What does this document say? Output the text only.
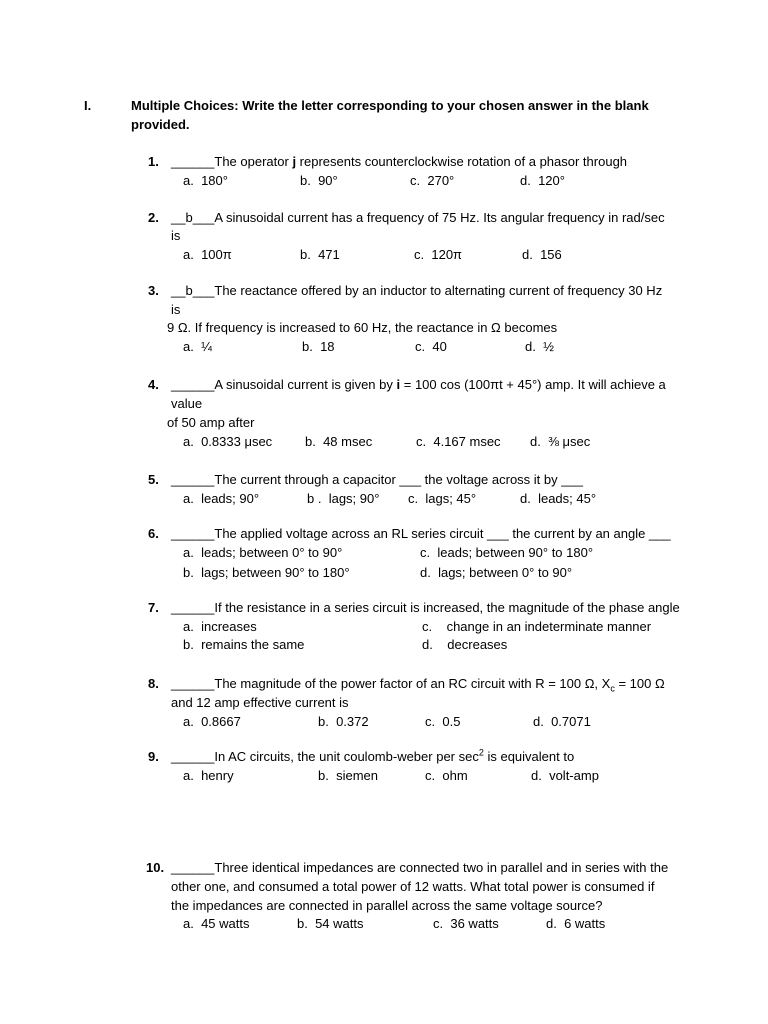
I.	Multiple Choices: Write the letter corresponding to your chosen answer in the blank
provided.
1. ______The operator j represents counterclockwise rotation of a phasor through
a. 180°	b. 90°	c. 270°	d. 120°
2. __b___A sinusoidal current has a frequency of 75 Hz. Its angular frequency in rad/sec
is
a. 100π	b. 471	c. 120π	d. 156
3. __b___The reactance offered by an inductor to alternating current of frequency 30 Hz
is
9 Ω. If frequency is increased to 60 Hz, the reactance in Ω becomes
a. ¼	b. 18	c. 40	d. ½
4. ______A sinusoidal current is given by i = 100 cos (100πt + 45°) amp. It will achieve a
value
of 50 amp after
a. 0.8333 μsec	b. 48 msec	c. 4.167 msec d. ⅜ μsec
5. ______The current through a capacitor ___ the voltage across it by ___
a. leads; 90°	b . lags; 90° c. lags; 45°	d. leads; 45°
6. ______The applied voltage across an RL series circuit ___ the current by an angle ___
a. leads; between 0° to 90°	c. leads; between 90° to 180°
b. lags; between 90° to 180°	d. lags; between 0° to 90°
7. ______If the resistance in a series circuit is increased, the magnitude of the phase angle
a. increases	c. change in an indeterminate manner
b. remains the same	d. decreases
8. ______The magnitude of the power factor of an RC circuit with R = 100 Ω, $X_c = 100$ Ω
and 12 amp effective current is
a. 0.8667	b. 0.372	c. 0.5	d. 0.7071
9. ______In AC circuits, the unit coulomb-weber per $\sec^2$ is equivalent to
a. henry	b. siemen	c. ohm	d. volt-amp
10. ______Three identical impedances are connected two in parallel and in series with the
other one, and consumed a total power of 12 watts. What total power is consumed if
the impedances are connected in parallel across the same voltage source?
a. 45 watts	b. 54 watts	c. 36 watts	d. 6 watts
